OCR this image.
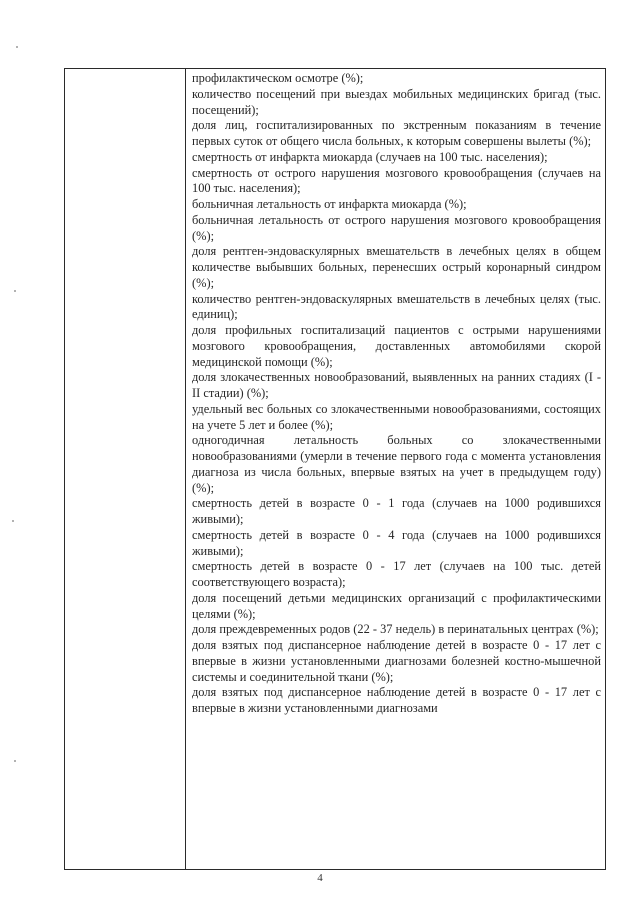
профилактическом осмотре (%);

количество посещений при выездах мобильных медицинских бригад (тыс. посещений);

доля лиц, госпитализированных по экстренным показаниям в течение первых суток от общего числа больных, к которым совершены вылеты (%);

смертность от инфаркта миокарда (случаев на 100 тыс. населения);

смертность от острого нарушения мозгового кровообращения (случаев на 100 тыс. населения);

больничная летальность от инфаркта миокарда (%);

больничная летальность от острого нарушения мозгового кровообращения (%);

доля рентген-эндоваскулярных вмешательств в лечебных целях в общем количестве выбывших больных, перенесших острый коронарный синдром (%);

количество рентген-эндоваскулярных вмешательств в лечебных целях (тыс. единиц);

доля профильных госпитализаций пациентов с острыми нарушениями мозгового кровообращения, доставленных автомобилями скорой медицинской помощи (%);

доля злокачественных новообразований, выявленных на ранних стадиях (I - II стадии) (%);

удельный вес больных со злокачественными новообразованиями, состоящих на учете 5 лет и более (%);

одногодичная летальность больных со злокачественными новообразованиями (умерли в течение первого года с момента установления диагноза из числа больных, впервые взятых на учет в предыдущем году) (%);

смертность детей в возрасте 0 - 1 года (случаев на 1000 родившихся живыми);

смертность детей в возрасте 0 - 4 года (случаев на 1000 родившихся живыми);

смертность детей в возрасте 0 - 17 лет (случаев на 100 тыс. детей соответствующего возраста);

доля посещений детьми медицинских организаций с профилактическими целями (%);

доля преждевременных родов (22 - 37 недель) в перинатальных центрах (%);

доля взятых под диспансерное наблюдение детей в возрасте 0 - 17 лет с впервые в жизни установленными диагнозами болезней костно-мышечной системы и соединительной ткани (%);

доля взятых под диспансерное наблюдение детей в возрасте 0 - 17 лет с впервые в жизни установленными диагнозами

4
